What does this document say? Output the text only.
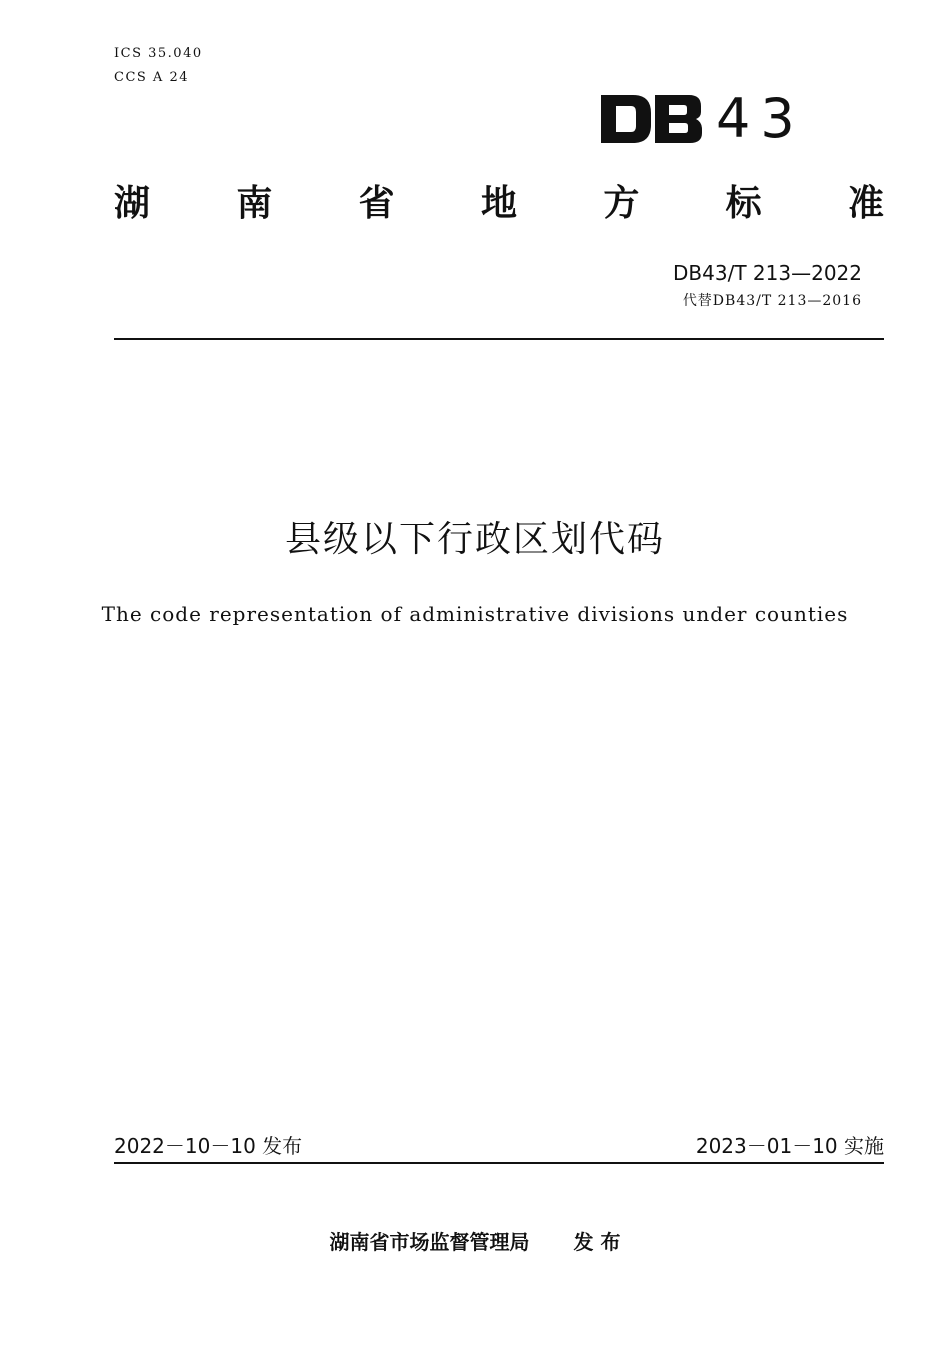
ICS 35.040
CCS A 24
43
湖 南 省 地 方 标 准
DB43/T 213—2022
代替DB43/T 213—2016
县级以下行政区划代码
The code representation of administrative divisions under counties
2022－10－10 发布	2023－01－10 实施
湖南省市场监督管理局 发 布
